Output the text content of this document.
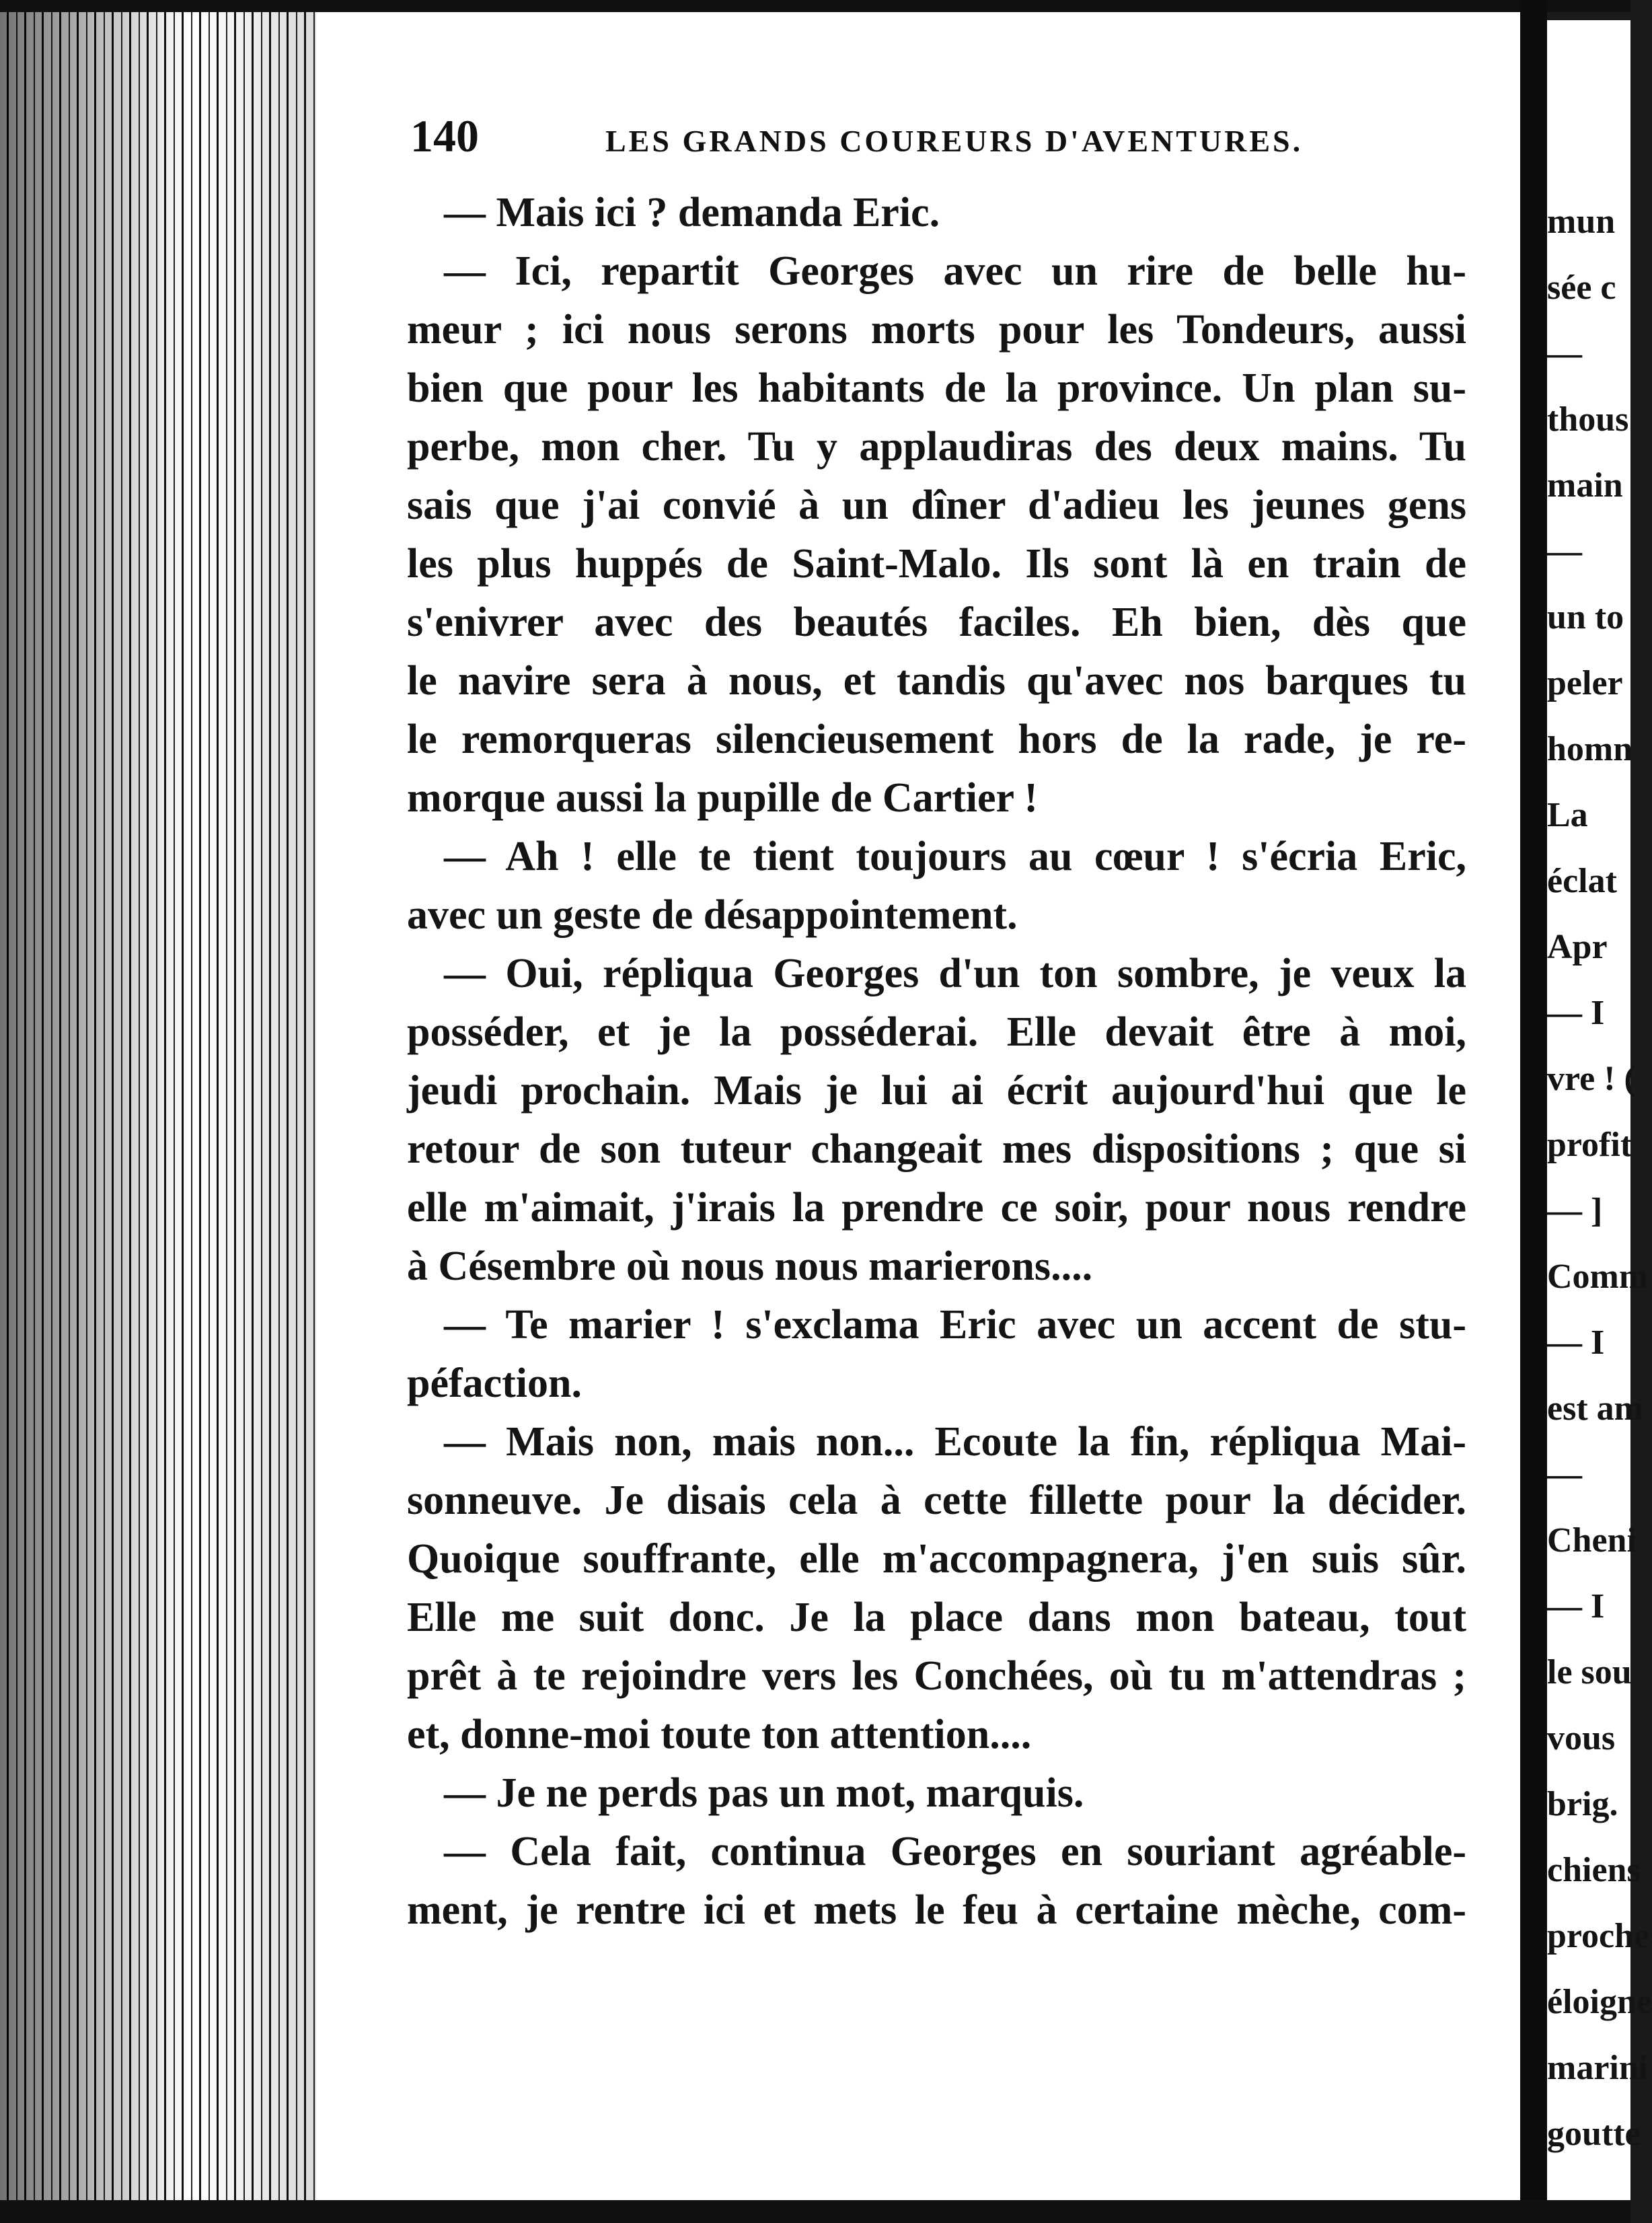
140	LES GRANDS COUREURS D'AVENTURES.
— Mais ici ? demanda Eric.
— Ici, repartit Georges avec un rire de belle hu-
meur ; ici nous serons morts pour les Tondeurs, aussi
bien que pour les habitants de la province. Un plan su-
perbe, mon cher. Tu y applaudiras des deux mains. Tu
sais que j'ai convié à un dîner d'adieu les jeunes gens
les plus huppés de Saint-Malo. Ils sont là en train de
s'enivrer avec des beautés faciles. Eh bien, dès que
le navire sera à nous, et tandis qu'avec nos barques tu
le remorqueras silencieusement hors de la rade, je re-
morque aussi la pupille de Cartier !
— Ah ! elle te tient toujours au cœur ! s'écria Eric,
avec un geste de désappointement.
— Oui, répliqua Georges d'un ton sombre, je veux la
posséder, et je la posséderai. Elle devait être à moi,
jeudi prochain. Mais je lui ai écrit aujourd'hui que le
retour de son tuteur changeait mes dispositions ; que si
elle m'aimait, j'irais la prendre ce soir, pour nous rendre
à Césembre où nous nous marierons....
— Te marier ! s'exclama Eric avec un accent de stu-
péfaction.
— Mais non, mais non... Ecoute la fin, répliqua Mai-
sonneuve. Je disais cela à cette fillette pour la décider.
Quoique souffrante, elle m'accompagnera, j'en suis sûr.
Elle me suit donc. Je la place dans mon bateau, tout
prêt à te rejoindre vers les Conchées, où tu m'attendras ;
et, donne-moi toute ton attention....
— Je ne perds pas un mot, marquis.
— Cela fait, continua Georges en souriant agréable-
ment, je rentre ici et mets le feu à certaine mèche, com-
mun
sée c
—
thous
main
—
un to
peler
homn
La
éclat
Apr
— I
vre ! (
profit
— ]
Comm
— I
est am
—
Cheni
— I
le sou
vous
brig.
chiens
proche
éloigne
marini
goutte
